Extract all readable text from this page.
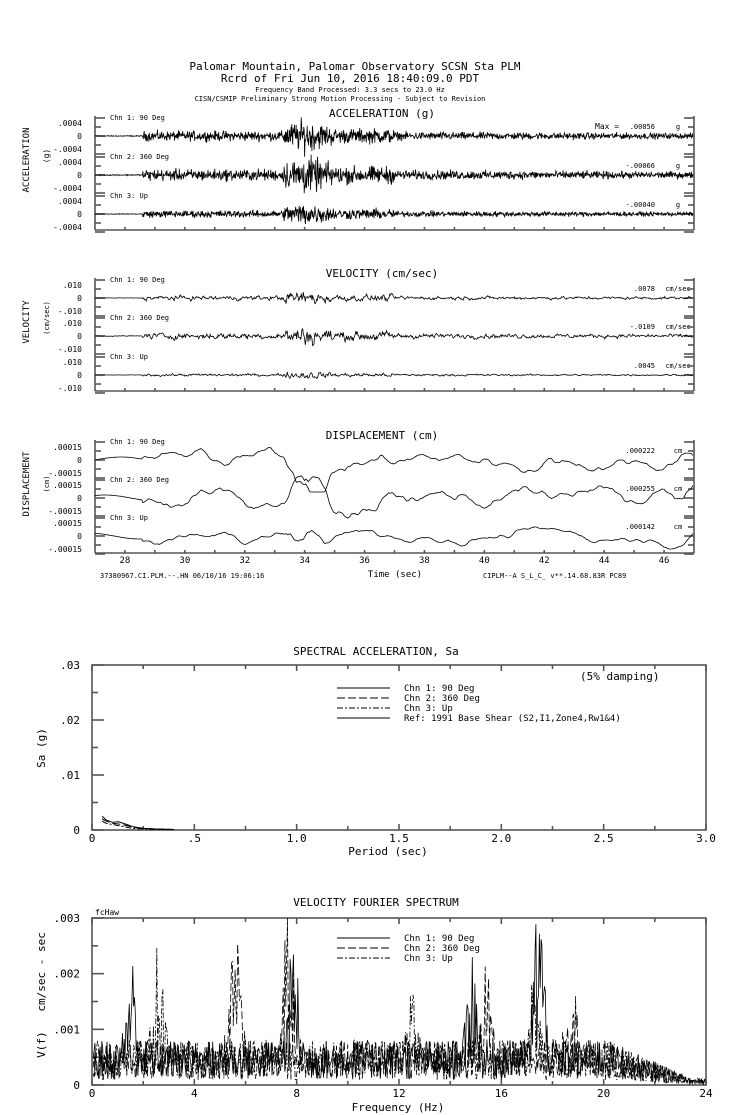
Palomar Mountain, Palomar Observatory SCSN Sta PLM
Rcrd of Fri Jun 10, 2016 18:40:09.0 PDT
Frequency Band Processed: 3.3 secs to 23.0 Hz
CISN/CSMIP Preliminary Strong Motion Processing - Subject to Revision
ACCELERATION (g)
ACCELERATION (g)
Max =
.0004
0
-.0004
Chn 1: 90 Deg
.00056	g
.0004
0
-.0004
Chn 2: 360 Deg
-.00066	g
.0004
0
-.0004
Chn 3: Up
-.00040	g
VELOCITY (cm/sec)
VELOCITY (cm/sec)
.010
0
-.010
Chn 1: 90 Deg
.0078 cm/sec
.010
0
-.010
Chn 2: 360 Deg
-.0109 cm/sec
.010
0
-.010
Chn 3: Up
.0045 cm/sec
DISPLACEMENT (cm)
DISPLACEMENT (cm)
Time (sec)
37380967.CI.PLM.--.HN 06/10/16 19:06:16	CIPLM--A S_L_C_ v**.14.68.83R PC89
.00015
0
-.00015
Chn 1: 90 Deg
.000222	cm
.00015
0
-.00015
Chn 2: 360 Deg
.000255	cm
.00015
0
-.00015
Chn 3: Up
.000142	cm
28	30	32	34	36	38	40	42	44	46
SPECTRAL ACCELERATION, Sa
(5% damping)
Period (sec)
Sa (g)
0	.5	1.0	1.5	2.0	2.5	3.0
.03
.02
.01
0
Chn 1: 90 Deg
Chn 2: 360 Deg
Chn 3: Up
Ref: 1991 Base Shear (S2,I1,Zone4,Rw1&4)
VELOCITY FOURIER SPECTRUM
fcHaw
Frequency (Hz)
V(f)   cm/sec - sec
0	4	8	12	16	20	24
.003
.002
.001
0
Chn 1: 90 Deg
Chn 2: 360 Deg
Chn 3: Up
